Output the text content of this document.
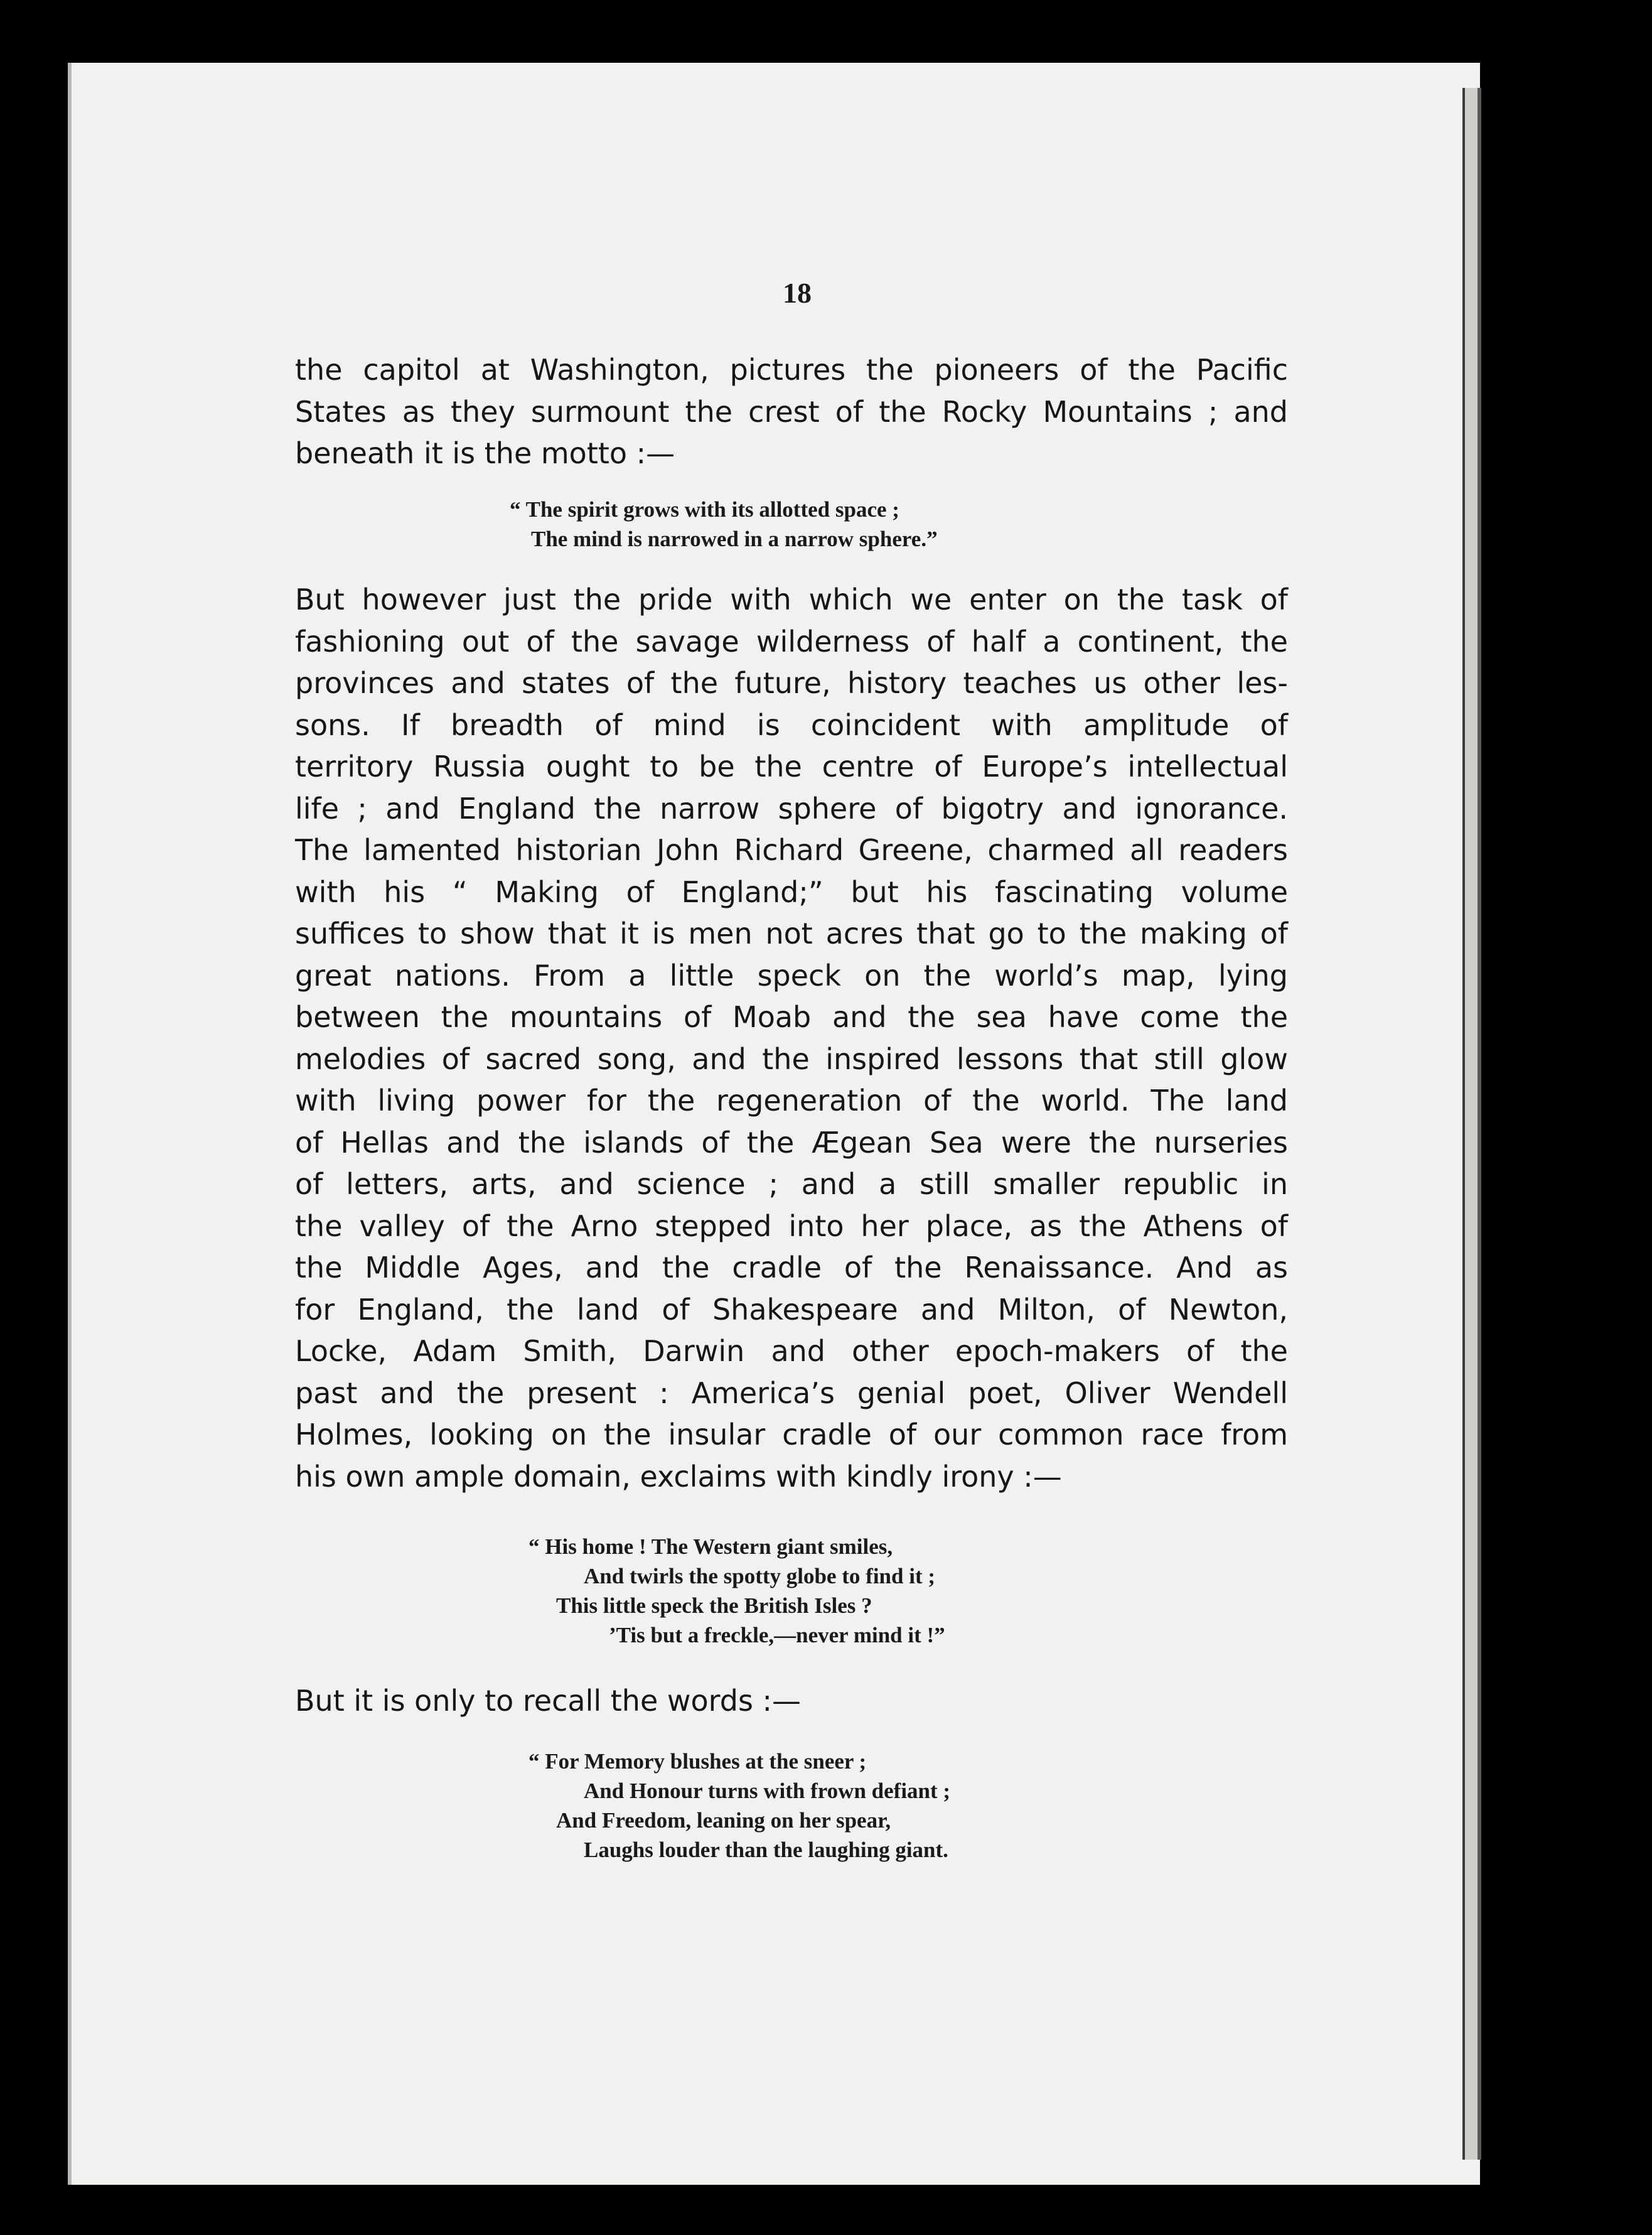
18
the capitol at Washington, pictures the pioneers of the Pacific
States as they surmount the crest of the Rocky Mountains ; and
beneath it is the motto :—
“ The spirit grows with its allotted space ;
The mind is narrowed in a narrow sphere.”
But however just the pride with which we enter on the task of
fashioning out of the savage wilderness of half a continent, the
provinces and states of the future, history teaches us other les-
sons. If breadth of mind is coincident with amplitude of
territory Russia ought to be the centre of Europe’s intellectual
life ; and England the narrow sphere of bigotry and ignorance.
The lamented historian John Richard Greene, charmed all readers
with his “ Making of England;” but his fascinating volume
suffices to show that it is men not acres that go to the making of
great nations. From a little speck on the world’s map, lying
between the mountains of Moab and the sea have come the
melodies of sacred song, and the inspired lessons that still glow
with living power for the regeneration of the world. The land
of Hellas and the islands of the Ægean Sea were the nurseries
of letters, arts, and science ; and a still smaller republic in
the valley of the Arno stepped into her place, as the Athens of
the Middle Ages, and the cradle of the Renaissance. And as
for England, the land of Shakespeare and Milton, of Newton,
Locke, Adam Smith, Darwin and other epoch-makers of the
past and the present : America’s genial poet, Oliver Wendell
Holmes, looking on the insular cradle of our common race from
his own ample domain, exclaims with kindly irony :—
“ His home ! The Western giant smiles,
And twirls the spotty globe to find it ;
This little speck the British Isles ?
’Tis but a freckle,—never mind it !”
But it is only to recall the words :—
“ For Memory blushes at the sneer ;
And Honour turns with frown defiant ;
And Freedom, leaning on her spear,
Laughs louder than the laughing giant.
